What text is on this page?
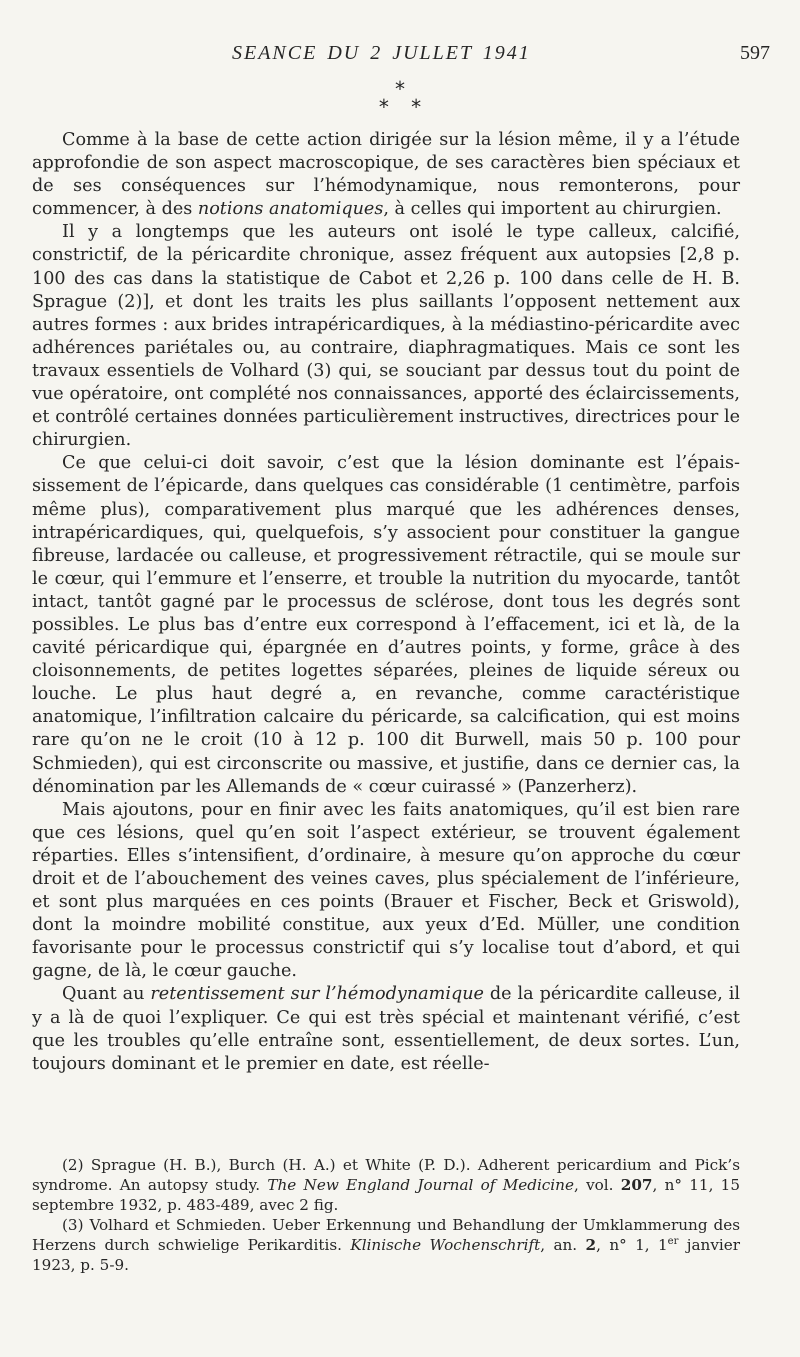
SEANCE DU 2 JULLET 1941	597
*
* *

Comme à la base de cette action dirigée sur la lésion même, il y a l’étude approfondie de son aspect macroscopique, de ses caractères bien spéciaux et de ses conséquences sur l’hémodynamique, nous remonterons, pour commencer, à des notions anatomiques, à celles qui importent au chirurgien.

Il y a longtemps que les auteurs ont isolé le type calleux, calcifié, constrictif, de la péricardite chronique, assez fréquent aux autopsies [2,8 p. 100 des cas dans la statistique de Cabot et 2,26 p. 100 dans celle de H. B. Sprague (2)], et dont les traits les plus saillants l’opposent nettement aux autres formes : aux brides intrapéricardiques, à la médiastino-péricardite avec adhérences pariétales ou, au contraire, diaphragmatiques. Mais ce sont les travaux essentiels de Volhard (3) qui, se souciant par dessus tout du point de vue opératoire, ont complété nos connaissances, apporté des éclaircissements, et contrôlé certaines données particulièrement instructives, directrices pour le chirurgien.

Ce que celui-ci doit savoir, c’est que la lésion dominante est l’épaississement de l’épicarde, dans quelques cas considérable (1 centimètre, parfois même plus), comparativement plus marqué que les adhérences denses, intrapéricardiques, qui, quelquefois, s’y associent pour constituer la gangue fibreuse, lardacée ou calleuse, et progressivement rétractile, qui se moule sur le cœur, qui l’emmure et l’enserre, et trouble la nutrition du myocarde, tantôt intact, tantôt gagné par le processus de sclérose, dont tous les degrés sont possibles. Le plus bas d’entre eux correspond à l’effacement, ici et là, de la cavité péricardique qui, épargnée en d’autres points, y forme, grâce à des cloisonnements, de petites logettes séparées, pleines de liquide séreux ou louche. Le plus haut degré a, en revanche, comme caractéristique anatomique, l’infiltration calcaire du péricarde, sa calcification, qui est moins rare qu’on ne le croit (10 à 12 p. 100 dit Burwell, mais 50 p. 100 pour Schmieden), qui est circonscrite ou massive, et justifie, dans ce dernier cas, la dénomination par les Allemands de « cœur cuirassé » (Panzerherz).

Mais ajoutons, pour en finir avec les faits anatomiques, qu’il est bien rare que ces lésions, quel qu’en soit l’aspect extérieur, se trouvent également réparties. Elles s’intensifient, d’ordinaire, à mesure qu’on approche du cœur droit et de l’abouchement des veines caves, plus spécialement de l’inférieure, et sont plus marquées en ces points (Brauer et Fischer, Beck et Griswold), dont la moindre mobilité constitue, aux yeux d’Ed. Müller, une condition favorisante pour le processus constrictif qui s’y localise tout d’abord, et qui gagne, de là, le cœur gauche.

Quant au retentissement sur l’hémodynamique de la péricardite calleuse, il y a là de quoi l’expliquer. Ce qui est très spécial et maintenant vérifié, c’est que les troubles qu’elle entraîne sont, essentiellement, de deux sortes. L’un, toujours dominant et le premier en date, est réelle-

(2) Sprague (H. B.), Burch (H. A.) et White (P. D.). Adherent pericardium and Pick’s syndrome. An autopsy study. The New England Journal of Medicine, vol. 207, n° 11, 15 septembre 1932, p. 483-489, avec 2 fig.

(3) Volhard et Schmieden. Ueber Erkennung und Behandlung der Umklammerung des Herzens durch schwielige Perikarditis. Klinische Wochenschrift, an. 2, n° 1, 1er janvier 1923, p. 5-9.
